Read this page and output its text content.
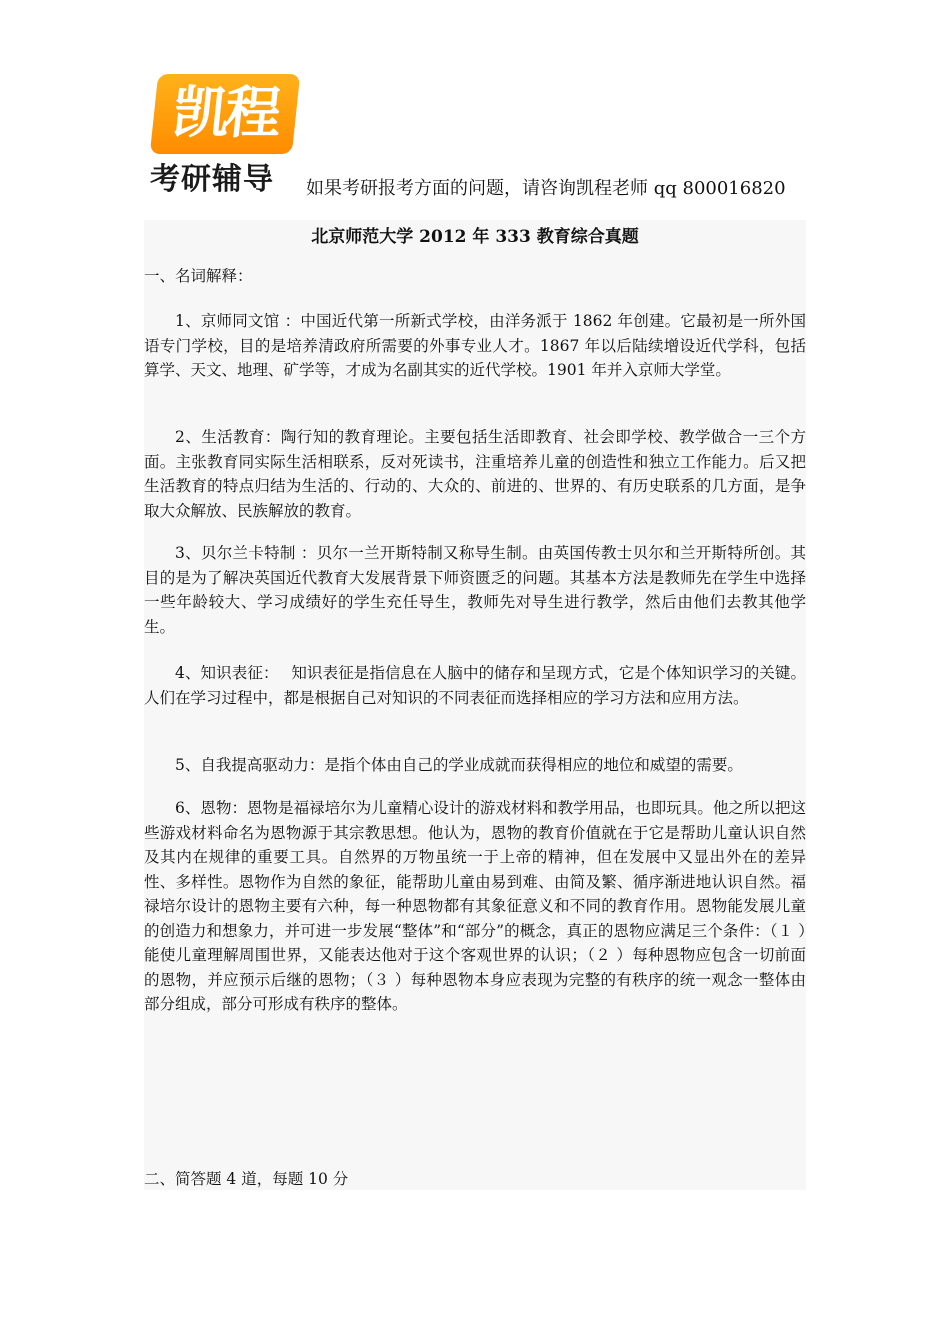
凯程
考研辅导	如果考研报考方面的问题，请咨询凯程老师 qq 800016820
北京师范大学 2012 年 333 教育综合真题
一、名词解释：
1、京师同文馆 ：中国近代第一所新式学校，由洋务派于 1862 年创建。它最初是一所外国语专门学校，目的是培养清政府所需要的外事专业人才。1867 年以后陆续增设近代学科，包括算学、天文、地理、矿学等，才成为名副其实的近代学校。1901 年并入京师大学堂。
2、生活教育：陶行知的教育理论。主要包括生活即教育、社会即学校、教学做合一三个方面。主张教育同实际生活相联系，反对死读书，注重培养儿童的创造性和独立工作能力。后又把生活教育的特点归结为生活的、行动的、大众的、前进的、世界的、有历史联系的几方面，是争取大众解放、民族解放的教育。
3、贝尔兰卡特制 ：贝尔一兰开斯特制又称导生制。由英国传教士贝尔和兰开斯特所创。其目的是为了解决英国近代教育大发展背景下师资匮乏的问题。其基本方法是教师先在学生中选择一些年龄较大、学习成绩好的学生充任导生，教师先对导生进行教学，然后由他们去教其他学生。
4、知识表征：　 知识表征是指信息在人脑中的储存和呈现方式，它是个体知识学习的关键。人们在学习过程中，都是根据自己对知识的不同表征而选择相应的学习方法和应用方法。
5、自我提高驱动力：是指个体由自己的学业成就而获得相应的地位和威望的需要。
6、恩物：恩物是福禄培尔为儿童精心设计的游戏材料和教学用品，也即玩具。他之所以把这些游戏材料命名为恩物源于其宗教思想。他认为，恩物的教育价值就在于它是帮助儿童认识自然及其内在规律的重要工具。自然界的万物虽统一于上帝的精神，但在发展中又显出外在的差异性、多样性。恩物作为自然的象征，能帮助儿童由易到难、由简及繁、循序渐进地认识自然。福禄培尔设计的恩物主要有六种，每一种恩物都有其象征意义和不同的教育作用。恩物能发展儿童的创造力和想象力，并可进一步发展“整体”和“部分”的概念，真正的恩物应满足三个条件：（１ ）能使儿童理解周围世界，又能表达他对于这个客观世界的认识；（２ ）每种恩物应包含一切前面的恩物，并应预示后继的恩物；（３ ）每种恩物本身应表现为完整的有秩序的统一观念一整体由部分组成，部分可形成有秩序的整体。
二、简答题 4 道，每题 10 分
